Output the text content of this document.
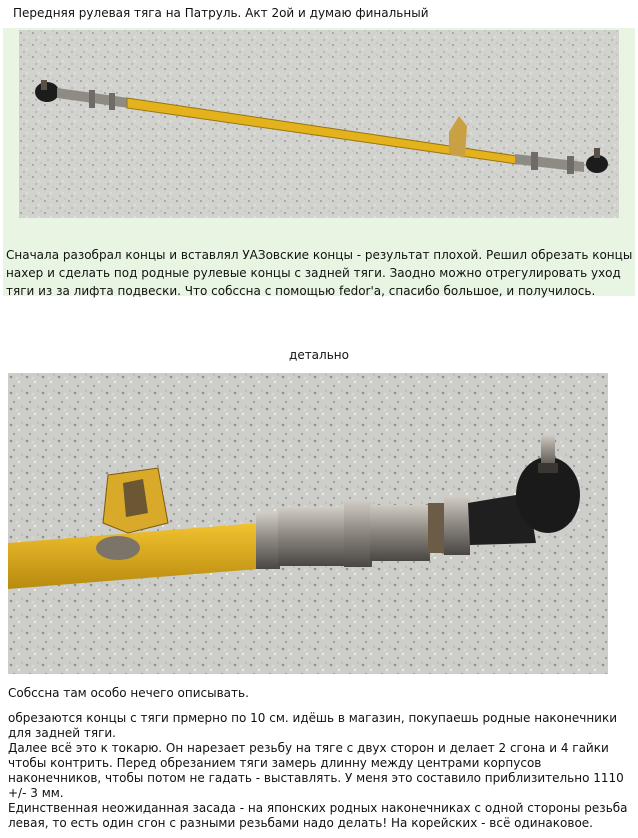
Передняя рулевая тяга на Патруль. Акт 2ой и думаю финальный
Сначала разобрал концы и вставлял УАЗовские концы - результат плохой. Решил обрезать концы нахер и сделать под родные рулевые концы с задней тяги. Заодно можно отрегулировать уход тяги из за лифта подвески. Что собссна с помощью fedor'a, спасибо большое, и получилось.
детально
Собссна там особо нечего описывать.
обрезаются концы с тяги прмерно по 10 см. идёшь в магазин, покупаешь родные наконечники для задней тяги.
Далее всё это к токарю. Он нарезает резьбу на тяге с двух сторон и делает 2 сгона и 4 гайки чтобы контрить. Перед обрезанием тяги замерь длинну между центрами корпусов наконечников, чтобы потом не гадать - выставлять. У меня это составило приблизительно 1110 +/- 3 мм.
Единственная неожиданная засада - на японских родных наконечниках с одной стороны резьба левая, то есть один сгон с разными резьбами надо делать! На корейских - всё одинаковое.
